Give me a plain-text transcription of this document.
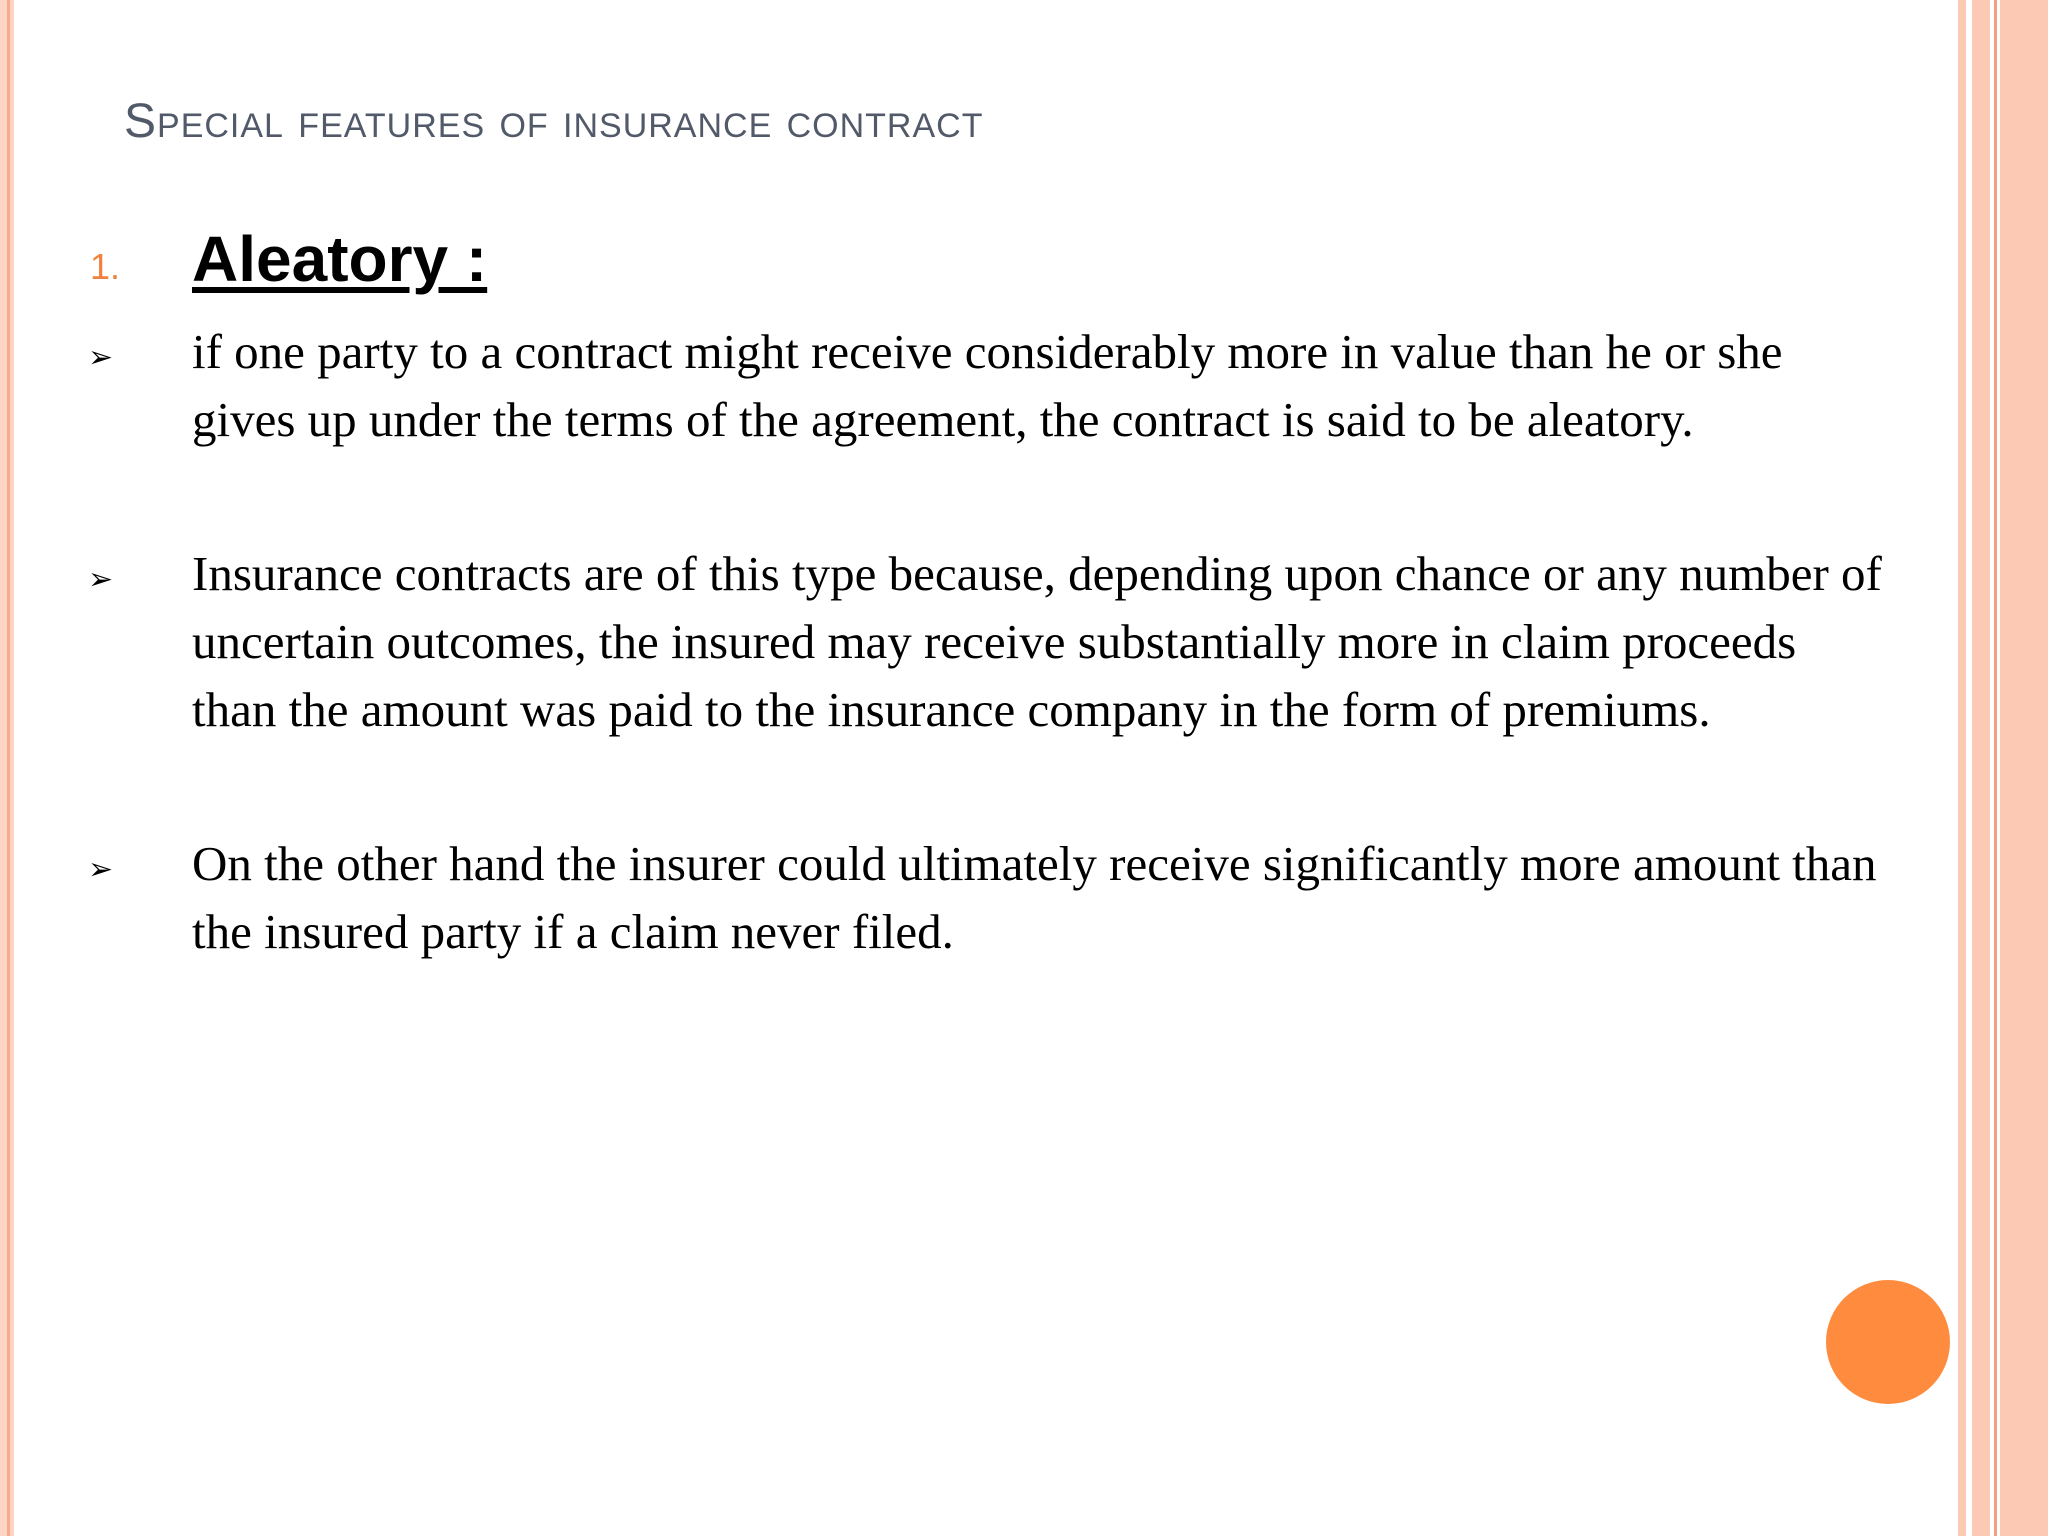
Special features of insurance contract
1. Aleatory :
➢ if one party to a contract might receive considerably more in value than he or she gives up under the terms of the agreement, the contract is said to be aleatory.
➢ Insurance contracts are of this type because, depending upon chance or any number of uncertain outcomes, the insured may receive substantially more in claim proceeds than the amount was paid to the insurance company in the form of premiums.
➢ On the other hand the insurer could ultimately receive significantly more amount than the insured party if a claim never filed.
